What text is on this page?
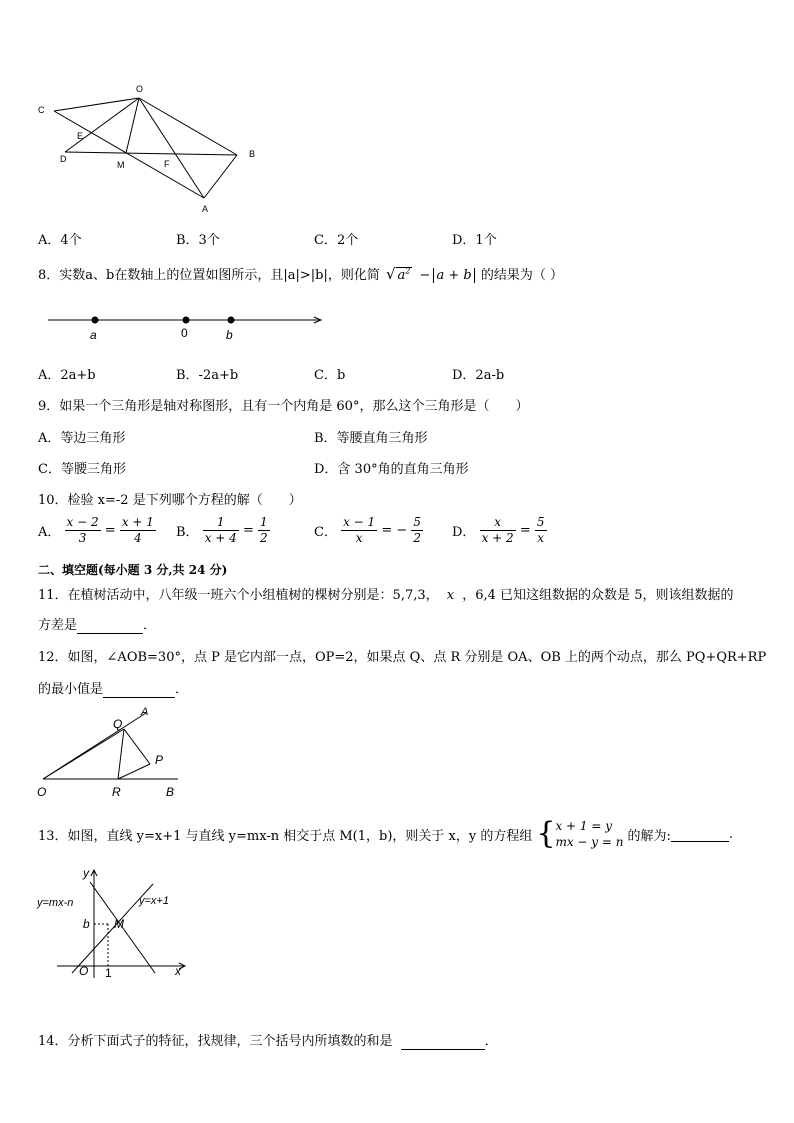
C
O
E
D
M	F
B
A
A．4个	B．3个	C．2个	D．1个
8．实数a、b在数轴上的位置如图所示，且|a|>|b|，则化简 √ $a^2 - a + b$ 的结果为（ ）
a	0	b
A．2a+b	B．-2a+b	C．b	D．2a-b
9．如果一个三角形是轴对称图形，且有一个内角是 60°，那么这个三角形是（　　）
A．等边三角形	B．等腰直角三角形
C．等腰三角形	D．含 30°角的直角三角形
10．检验 x=-2 是下列哪个方程的解（　　）
A． $\frac{x - 2}{3} = \frac{x + 1}{4}$ B． $\frac{1}{x + 4} = \frac{1}{2}$	C． $\frac{x - 1}{x}$ = − $\frac{5}{2}$ D． $\frac{x}{x + 2} = \frac{5}{x}$
二、填空题(每小题 3 分,共 24 分)
11．在植树活动中，八年级一班六个小组植树的棵树分别是：5,7,3， x ，6,4 已知这组数据的众数是 5，则该组数据的
方差是	．
12．如图，∠AOB=30°，点 P 是它内部一点，OP=2，如果点 Q、点 R 分别是 OA、OB 上的两个动点，那么 PQ+QR+RP
的最小值是	．
Q
A
P
O	R	B
13．如图，直线 y=x+1 与直线 y=mx-n 相交于点 M(1，b)，则关于 x，y 的方程组 { x + 1 = y
mx − y = n 的解为:
	.
y
x
O 1
b M
y=mx-n	y=x+1
14．分析下面式子的特征，找规律，三个括号内所填数的和是	．
